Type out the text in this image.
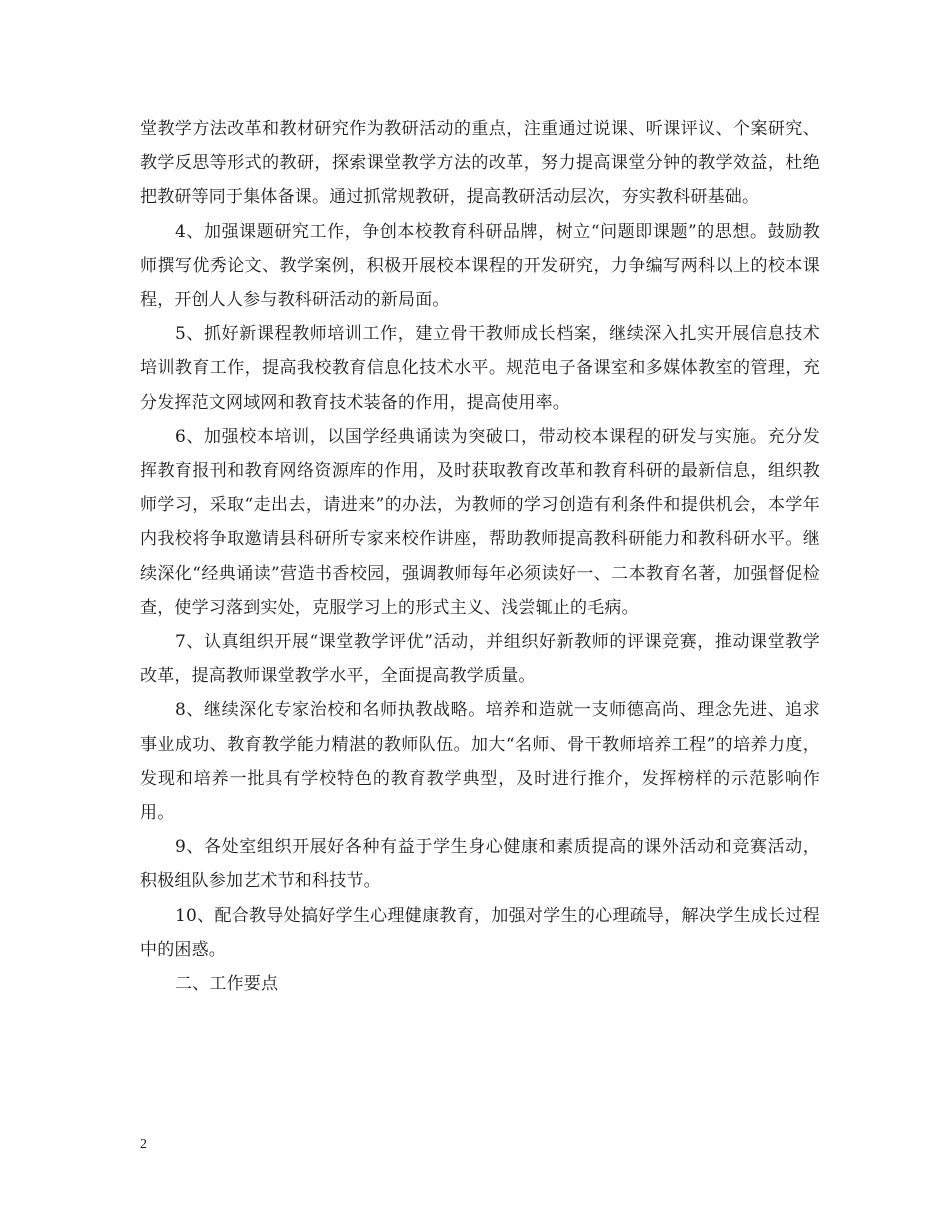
堂教学方法改革和教材研究作为教研活动的重点，注重通过说课、听课评议、个案研究、教学反思等形式的教研，探索课堂教学方法的改革，努力提高课堂分钟的教学效益，杜绝把教研等同于集体备课。通过抓常规教研，提高教研活动层次，夯实教科研基础。

4、加强课题研究工作，争创本校教育科研品牌，树立“问题即课题”的思想。鼓励教师撰写优秀论文、教学案例，积极开展校本课程的开发研究，力争编写两科以上的校本课程，开创人人参与教科研活动的新局面。

5、抓好新课程教师培训工作，建立骨干教师成长档案，继续深入扎实开展信息技术培训教育工作，提高我校教育信息化技术水平。规范电子备课室和多媒体教室的管理，充分发挥范文网域网和教育技术装备的作用，提高使用率。

6、加强校本培训，以国学经典诵读为突破口，带动校本课程的研发与实施。充分发挥教育报刊和教育网络资源库的作用，及时获取教育改革和教育科研的最新信息，组织教师学习，采取“走出去，请进来”的办法，为教师的学习创造有利条件和提供机会，本学年内我校将争取邀请县科研所专家来校作讲座，帮助教师提高教科研能力和教科研水平。继续深化“经典诵读”营造书香校园，强调教师每年必须读好一、二本教育名著，加强督促检查，使学习落到实处，克服学习上的形式主义、浅尝辄止的毛病。

7、认真组织开展“课堂教学评优”活动，并组织好新教师的评课竞赛，推动课堂教学改革，提高教师课堂教学水平，全面提高教学质量。

8、继续深化专家治校和名师执教战略。培养和造就一支师德高尚、理念先进、追求事业成功、教育教学能力精湛的教师队伍。加大“名师、骨干教师培养工程”的培养力度，发现和培养一批具有学校特色的教育教学典型，及时进行推介，发挥榜样的示范影响作用。

9、各处室组织开展好各种有益于学生身心健康和素质提高的课外活动和竞赛活动，积极组队参加艺术节和科技节。

10、配合教导处搞好学生心理健康教育，加强对学生的心理疏导，解决学生成长过程中的困惑。

二、工作要点

2
